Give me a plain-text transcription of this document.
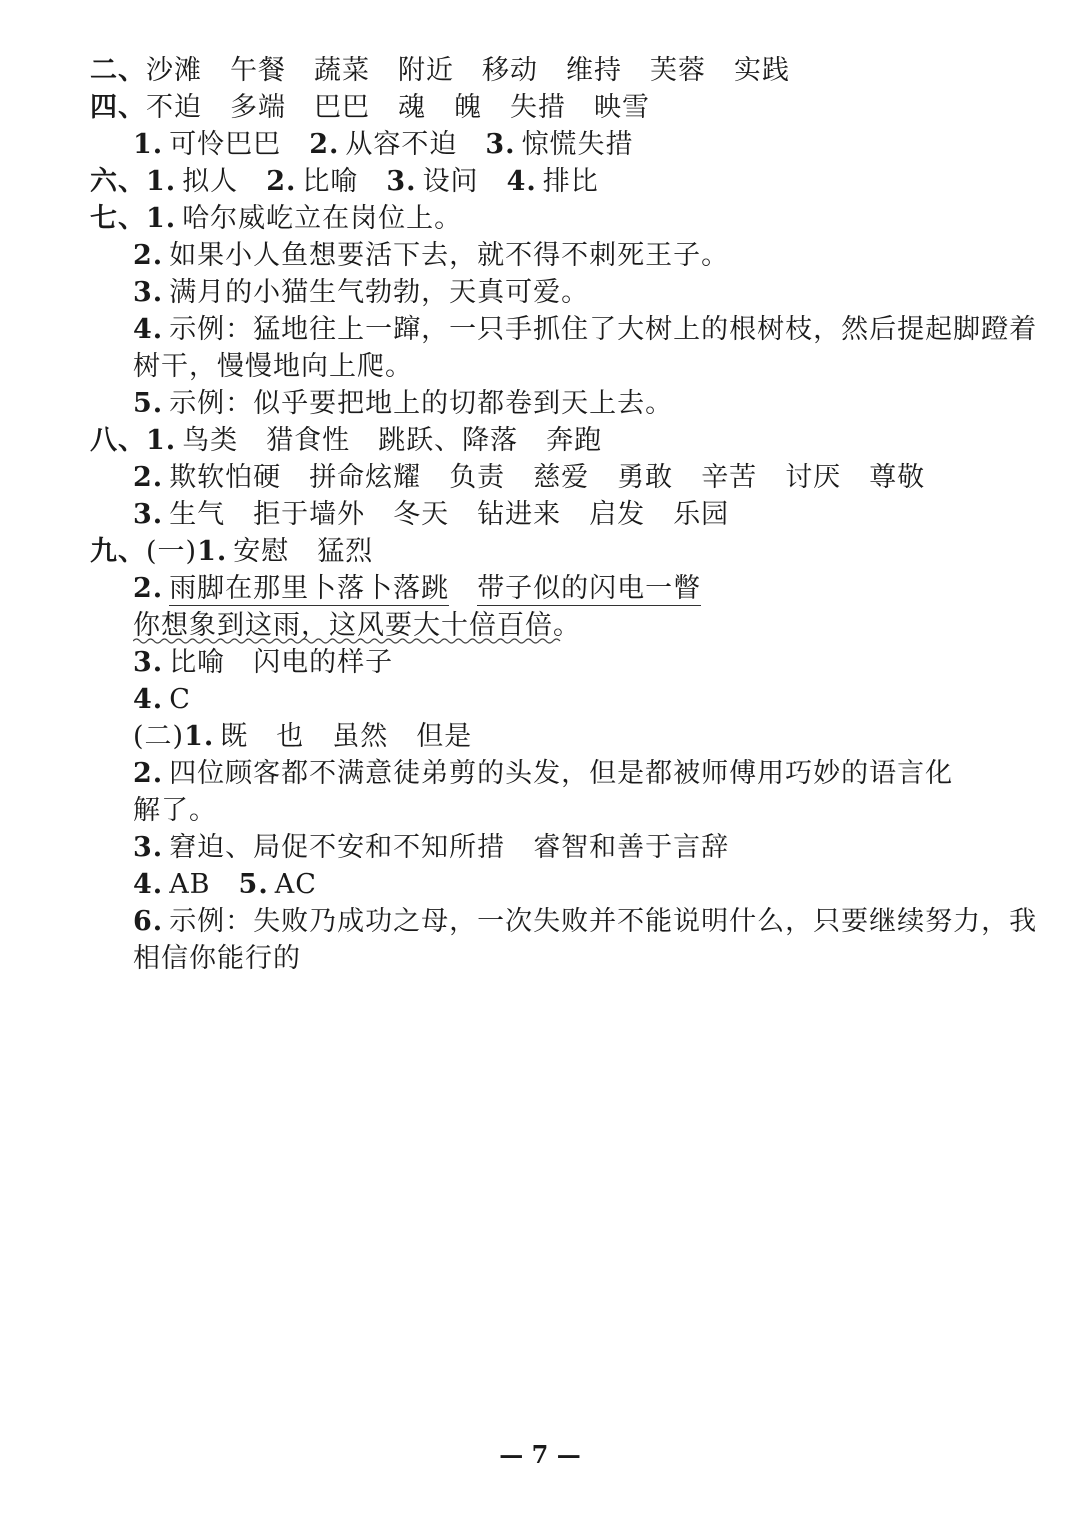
二、沙滩 午餐 蔬菜 附近 移动 维持 芙蓉 实践
四、不迫 多端 巴巴 魂 魄 失措 映雪
1. 可怜巴巴 2. 从容不迫 3. 惊慌失措
六、1. 拟人 2. 比喻 3. 设问 4. 排比
七、1. 哈尔威屹立在岗位上。
2. 如果小人鱼想要活下去，就不得不刺死王子。
3. 满月的小猫生气勃勃，天真可爱。
4. 示例：猛地往上一蹿，一只手抓住了大树上的根树枝，然后提起脚蹬着
树干，慢慢地向上爬。
5. 示例：似乎要把地上的切都卷到天上去。
八、1. 鸟类 猎食性 跳跃、降落 奔跑
2. 欺软怕硬 拼命炫耀 负责 慈爱 勇敢 辛苦 讨厌 尊敬
3. 生气 拒于墙外 冬天 钻进来 启发 乐园
九、(一)1. 安慰 猛烈
2. 雨脚在那里卜落卜落跳 带子似的闪电一瞥
你想象到这雨，这风要大十倍百倍。
3. 比喻 闪电的样子
4. C
(二)1. 既 也 虽然 但是
2. 四位顾客都不满意徒弟剪的头发，但是都被师傅用巧妙的语言化
解了。
3. 窘迫、局促不安和不知所措 睿智和善于言辞
4. AB 5. AC
6. 示例：失败乃成功之母，一次失败并不能说明什么，只要继续努力，我
相信你能行的
— 7 —
